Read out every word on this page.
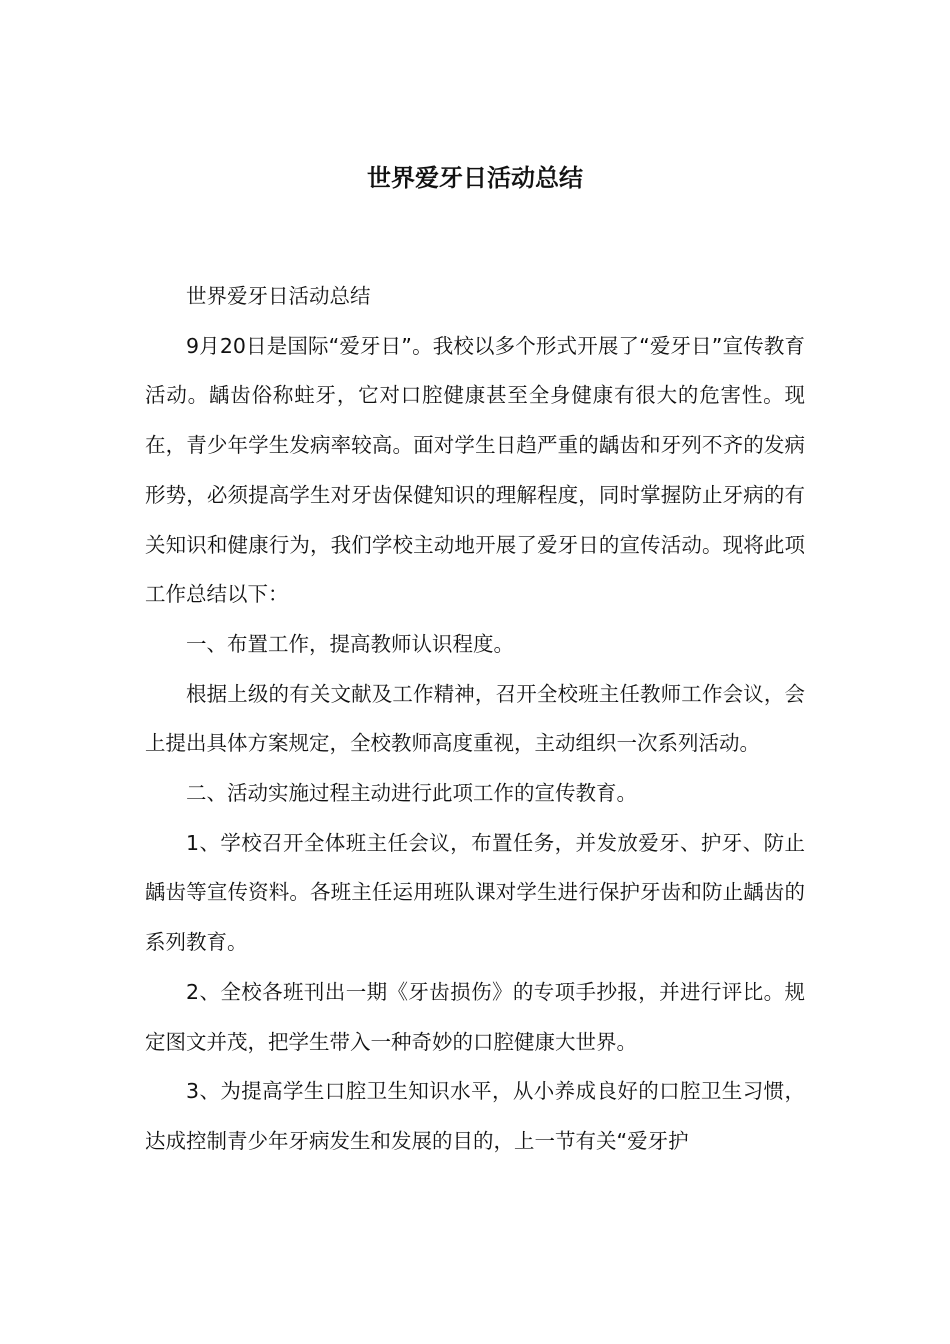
世界爱牙日活动总结

世界爱牙日活动总结

9月20日是国际“爱牙日”。我校以多个形式开展了“爱牙日”宣传教育活动。龋齿俗称蛀牙，它对口腔健康甚至全身健康有很大的危害性。现在，青少年学生发病率较高。面对学生日趋严重的龋齿和牙列不齐的发病形势，必须提高学生对牙齿保健知识的理解程度，同时掌握防止牙病的有关知识和健康行为，我们学校主动地开展了爱牙日的宣传活动。现将此项工作总结以下：

一、布置工作，提高教师认识程度。

根据上级的有关文献及工作精神，召开全校班主任教师工作会议，会上提出具体方案规定，全校教师高度重视，主动组织一次系列活动。

二、活动实施过程主动进行此项工作的宣传教育。

1、学校召开全体班主任会议，布置任务，并发放爱牙、护牙、防止龋齿等宣传资料。各班主任运用班队课对学生进行保护牙齿和防止龋齿的系列教育。

2、全校各班刊出一期《牙齿损伤》的专项手抄报，并进行评比。规定图文并茂，把学生带入一种奇妙的口腔健康大世界。

3、为提高学生口腔卫生知识水平，从小养成良好的口腔卫生习惯，达成控制青少年牙病发生和发展的目的，上一节有关“爱牙护
